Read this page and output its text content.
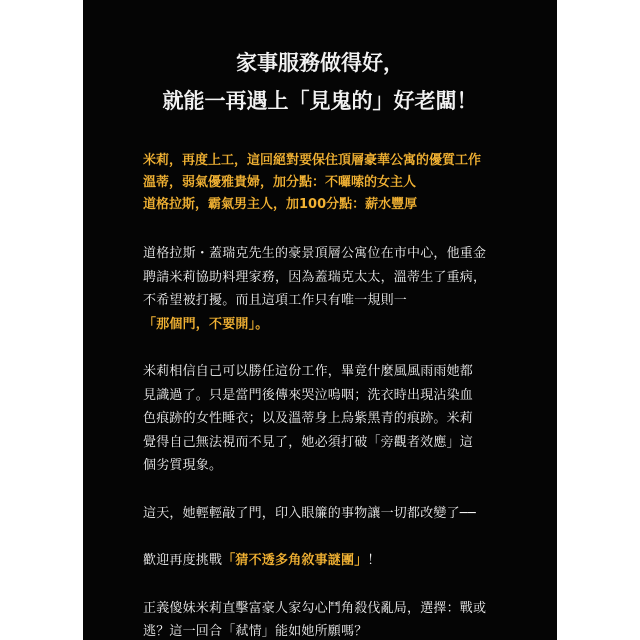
家事服務做得好，
就能一再遇上「見鬼的」好老闆！
米莉，再度上工，這回絕對要保住頂層豪華公寓的優質工作
溫蒂，弱氣優雅貴婦，加分點：不囉嗦的女主人
道格拉斯，霸氣男主人，加100分點：薪水豐厚
道格拉斯・蓋瑞克先生的豪景頂層公寓位在市中心，他重金
聘請米莉協助料理家務，因為蓋瑞克太太，溫蒂生了重病，
不希望被打擾。而且這項工作只有唯一規則一
「那個門，不要開」。
米莉相信自己可以勝任這份工作，畢竟什麼風風雨雨她都
見識過了。只是當門後傳來哭泣嗚咽；洗衣時出現沾染血
色痕跡的女性睡衣；以及溫蒂身上烏紫黑青的痕跡。米莉
覺得自己無法視而不見了，她必須打破「旁觀者效應」這
個劣質現象。
這天，她輕輕敲了門，印入眼簾的事物讓一切都改變了──
歡迎再度挑戰「猜不透多角敘事謎團」！
正義傻妹米莉直擊富豪人家勾心鬥角殺伐亂局，選擇：戰或
逃？這一回合「弒情」能如她所願嗎？
